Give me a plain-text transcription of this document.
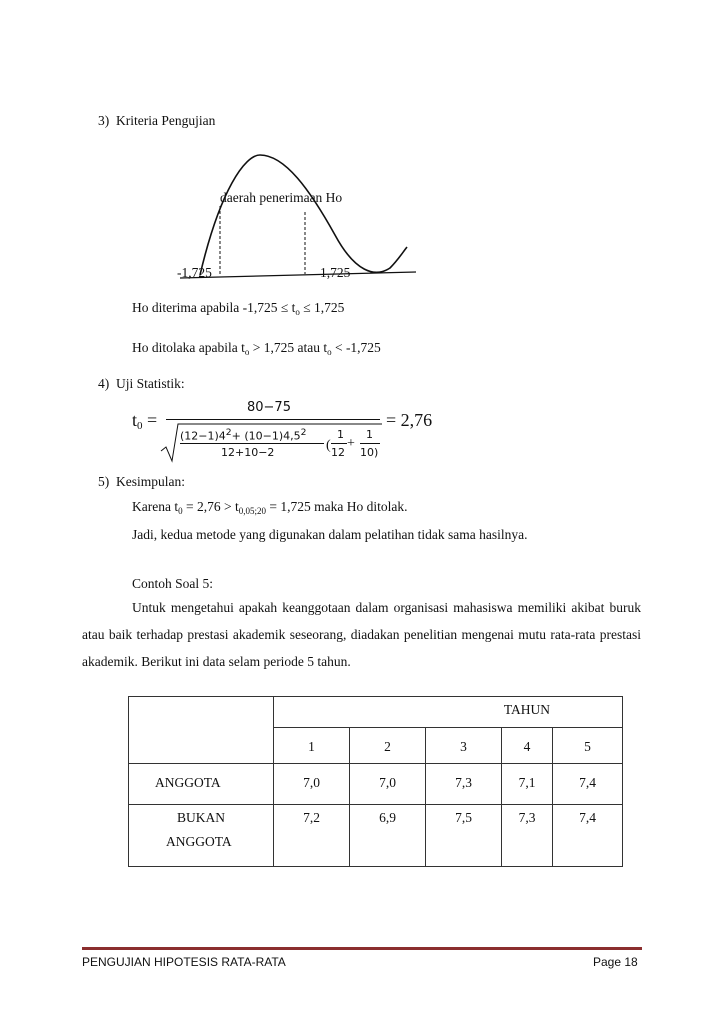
3)  Kriteria Pengujian
daerah penerimaan Ho
-1,725	1,725
Ho diterima apabila $-1,725 \le t_o \le 1,725$
Ho ditolaka apabila $t_o > 1,725$ atau $t_o < -1,725$
4)  Uji Statistik:
$t_0$ =
80−75
$(12-1)4^2+ (10-1)4,5^2$
12+10−2	(
1
12
+
1
10)
= 2,76
5)  Kesimpulan:
Karena $t_0 = 2,76 > t_{0,05;20} = 1,725$ maka Ho ditolak.
Jadi, kedua metode yang digunakan dalam pelatihan tidak sama hasilnya.
Contoh Soal 5:
Untuk mengetahui apakah keanggotaan dalam organisasi mahasiswa memiliki akibat buruk atau baik terhadap prestasi akademik seseorang, diadakan penelitian mengenai mutu rata-rata prestasi akademik. Berikut ini data selam periode 5 tahun.
	TAHUN				
	1	2	3	4	5
ANGGOTA	7,0	7,0	7,3	7,1	7,4

BUKAN
ANGGOTA	7,2	6,9	7,5	7,3	7,4
PENGUJIAN HIPOTESIS RATA-RATA	Page 18
